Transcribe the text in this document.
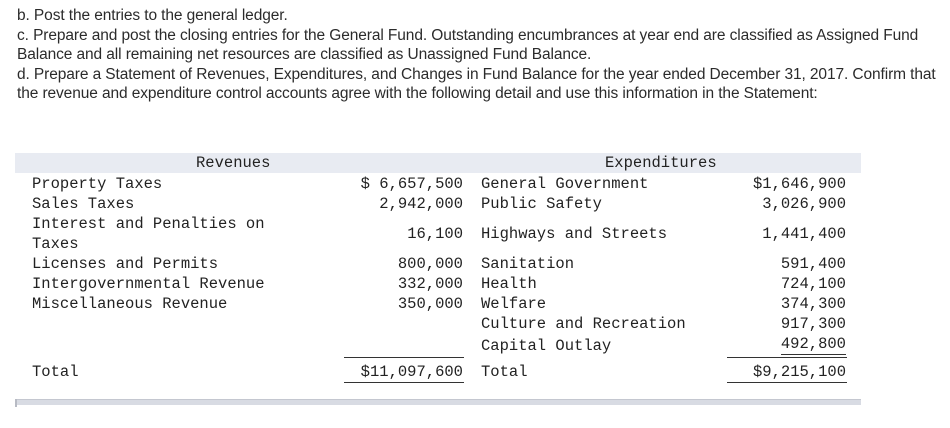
b. Post the entries to the general ledger.

c. Prepare and post the closing entries for the General Fund. Outstanding encumbrances at year end are classified as Assigned Fund Balance and all remaining net resources are classified as Unassigned Fund Balance.

d. Prepare a Statement of Revenues, Expenditures, and Changes in Fund Balance for the year ended December 31, 2017. Confirm that the revenue and expenditure control accounts agree with the following detail and use this information in the Statement:

Revenues	Expenditures
Property Taxes
Sales Taxes
Interest and Penalties on
Taxes
Licenses and Permits
Intergovernmental Revenue
Miscellaneous Revenue
Total
$ 6,657,500
2,942,000
16,100
800,000
332,000
350,000
$11,097,600
General Government
Public Safety
Highways and Streets
Sanitation
Health
Welfare
Culture and Recreation
Capital Outlay
Total
$1,646,900
3,026,900
1,441,400
591,400
724,100
374,300
917,300
492,800
$9,215,100
